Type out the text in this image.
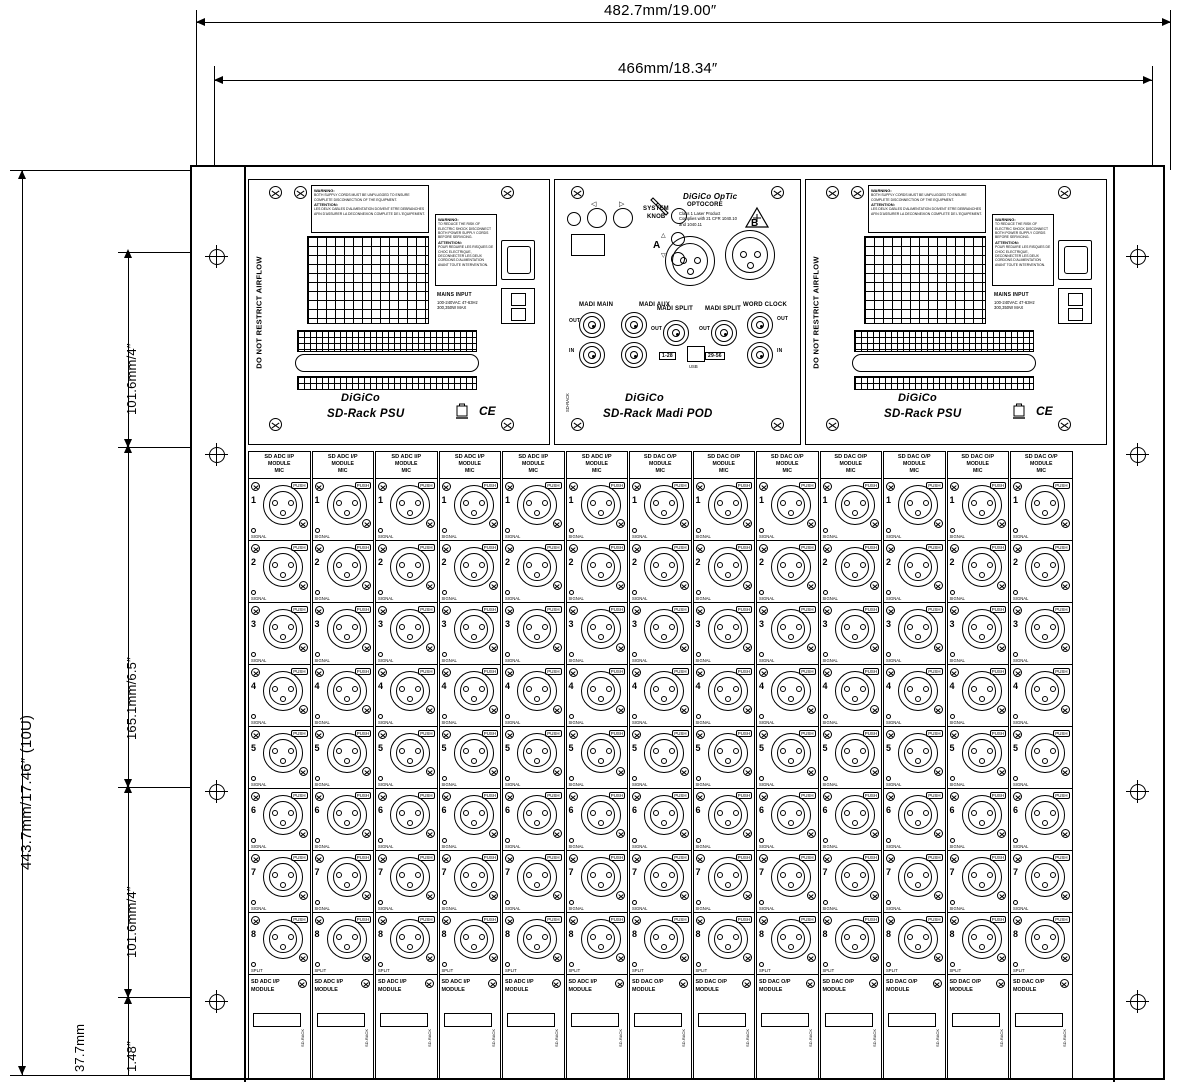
482.7mm/19.00″
466mm/18.34″
443.7mm/17.46″ (10U)
101.6mm/4″
165.1mm/6.5″
101.6mm/4″
37.7mm	1.48″
DO NOT RESTRICT AIRFLOW
WARNING:
BOTH SUPPLY CORDS MUST BE UNPLUGGED TO ENSURE COMPLETE DISCONNECTION OF THE EQUIPMENT.
ATTENTION:
LES DEUX CABLES D'ALIMENTATION DOIVENT ETRE DEBRANCHES AFIN D'ASSURER LA DECONNEXION COMPLETE DE L'EQUIPEMENT.
WARNING:
TO REDUCE THE RISK OF ELECTRIC SHOCK DISCONNECT BOTH POWER SUPPLY CORDS BEFORE SERVICING.
ATTENTION:
POUR REDUIRE LES RISQUES DE CHOC ELECTRIQUE, DECONNECTER LES DEUX CORDONS D'ALIMENTATION AVANT TOUTE INTERVENTION.
MAINS INPUT
100-240VAC 47-63Hz 300,350W MAX
DiGiCo
SD-Rack PSU	CE
DiGiCo OpTic
OPTOCORE
Class 1 Laser Product Complies with 21 CFR 1040.10 and 1040.11
◁	▷
SYSTEM
KNOB
△
▽
A
B
MADI MAIN	MADI AUX
OUT
IN
MADI SPLIT MADI SPLIT
OUT	OUT
1-28	29-56
USB
WORD CLOCK
OUT
IN
DiGiCo
SD-Rack Madi POD
SD-RACK
DO NOT RESTRICT AIRFLOW
WARNING:
BOTH SUPPLY CORDS MUST BE UNPLUGGED TO ENSURE COMPLETE DISCONNECTION OF THE EQUIPMENT.
ATTENTION:
LES DEUX CABLES D'ALIMENTATION DOIVENT ETRE DEBRANCHES AFIN D'ASSURER LA DECONNEXION COMPLETE DE L'EQUIPEMENT.
WARNING:
TO REDUCE THE RISK OF ELECTRIC SHOCK DISCONNECT BOTH POWER SUPPLY CORDS BEFORE SERVICING.
ATTENTION:
POUR REDUIRE LES RISQUES DE CHOC ELECTRIQUE, DECONNECTER LES DEUX CORDONS D'ALIMENTATION AVANT TOUTE INTERVENTION.
MAINS INPUT
100-240VAC 47-63Hz 300,350W MAX
DiGiCo
SD-Rack PSU	CE
SD ADC I/P
MODULE
MIC
1
PUSH
SIGNAL
2
PUSH
SIGNAL
3
PUSH
SIGNAL
4
PUSH
SIGNAL
5
PUSH
SIGNAL
6
PUSH
SIGNAL
7
PUSH
SIGNAL
8
PUSH
SPLIT
SD ADC I/P
MODULE
SD-RACK
SD ADC I/P
MODULE
MIC
1
PUSH
SIGNAL
2
PUSH
SIGNAL
3
PUSH
SIGNAL
4
PUSH
SIGNAL
5
PUSH
SIGNAL
6
PUSH
SIGNAL
7
PUSH
SIGNAL
8
PUSH
SPLIT
SD ADC I/P
MODULE
SD-RACK
SD ADC I/P
MODULE
MIC
1
PUSH
SIGNAL
2
PUSH
SIGNAL
3
PUSH
SIGNAL
4
PUSH
SIGNAL
5
PUSH
SIGNAL
6
PUSH
SIGNAL
7
PUSH
SIGNAL
8
PUSH
SPLIT
SD ADC I/P
MODULE
SD-RACK
SD ADC I/P
MODULE
MIC
1
PUSH
SIGNAL
2
PUSH
SIGNAL
3
PUSH
SIGNAL
4
PUSH
SIGNAL
5
PUSH
SIGNAL
6
PUSH
SIGNAL
7
PUSH
SIGNAL
8
PUSH
SPLIT
SD ADC I/P
MODULE
SD-RACK
SD ADC I/P
MODULE
MIC
1
PUSH
SIGNAL
2
PUSH
SIGNAL
3
PUSH
SIGNAL
4
PUSH
SIGNAL
5
PUSH
SIGNAL
6
PUSH
SIGNAL
7
PUSH
SIGNAL
8
PUSH
SPLIT
SD ADC I/P
MODULE
SD-RACK
SD ADC I/P
MODULE
MIC
1
PUSH
SIGNAL
2
PUSH
SIGNAL
3
PUSH
SIGNAL
4
PUSH
SIGNAL
5
PUSH
SIGNAL
6
PUSH
SIGNAL
7
PUSH
SIGNAL
8
PUSH
SPLIT
SD ADC I/P
MODULE
SD-RACK
SD DAC O/P
MODULE
MIC
1
PUSH
SIGNAL
2
PUSH
SIGNAL
3
PUSH
SIGNAL
4
PUSH
SIGNAL
5
PUSH
SIGNAL
6
PUSH
SIGNAL
7
PUSH
SIGNAL
8
PUSH
SPLIT
SD DAC O/P
MODULE
SD-RACK
SD DAC O/P
MODULE
MIC
1
PUSH
SIGNAL
2
PUSH
SIGNAL
3
PUSH
SIGNAL
4
PUSH
SIGNAL
5
PUSH
SIGNAL
6
PUSH
SIGNAL
7
PUSH
SIGNAL
8
PUSH
SPLIT
SD DAC O/P
MODULE
SD-RACK
SD DAC O/P
MODULE
MIC
1
PUSH
SIGNAL
2
PUSH
SIGNAL
3
PUSH
SIGNAL
4
PUSH
SIGNAL
5
PUSH
SIGNAL
6
PUSH
SIGNAL
7
PUSH
SIGNAL
8
PUSH
SPLIT
SD DAC O/P
MODULE
SD-RACK
SD DAC O/P
MODULE
MIC
1
PUSH
SIGNAL
2
PUSH
SIGNAL
3
PUSH
SIGNAL
4
PUSH
SIGNAL
5
PUSH
SIGNAL
6
PUSH
SIGNAL
7
PUSH
SIGNAL
8
PUSH
SPLIT
SD DAC O/P
MODULE
SD-RACK
SD DAC O/P
MODULE
MIC
1
PUSH
SIGNAL
2
PUSH
SIGNAL
3
PUSH
SIGNAL
4
PUSH
SIGNAL
5
PUSH
SIGNAL
6
PUSH
SIGNAL
7
PUSH
SIGNAL
8
PUSH
SPLIT
SD DAC O/P
MODULE
SD-RACK
SD DAC O/P
MODULE
MIC
1
PUSH
SIGNAL
2
PUSH
SIGNAL
3
PUSH
SIGNAL
4
PUSH
SIGNAL
5
PUSH
SIGNAL
6
PUSH
SIGNAL
7
PUSH
SIGNAL
8
PUSH
SPLIT
SD DAC O/P
MODULE
SD-RACK
SD DAC O/P
MODULE
MIC
1
PUSH
SIGNAL
2
PUSH
SIGNAL
3
PUSH
SIGNAL
4
PUSH
SIGNAL
5
PUSH
SIGNAL
6
PUSH
SIGNAL
7
PUSH
SIGNAL
8
PUSH
SPLIT
SD DAC O/P
MODULE
SD-RACK
